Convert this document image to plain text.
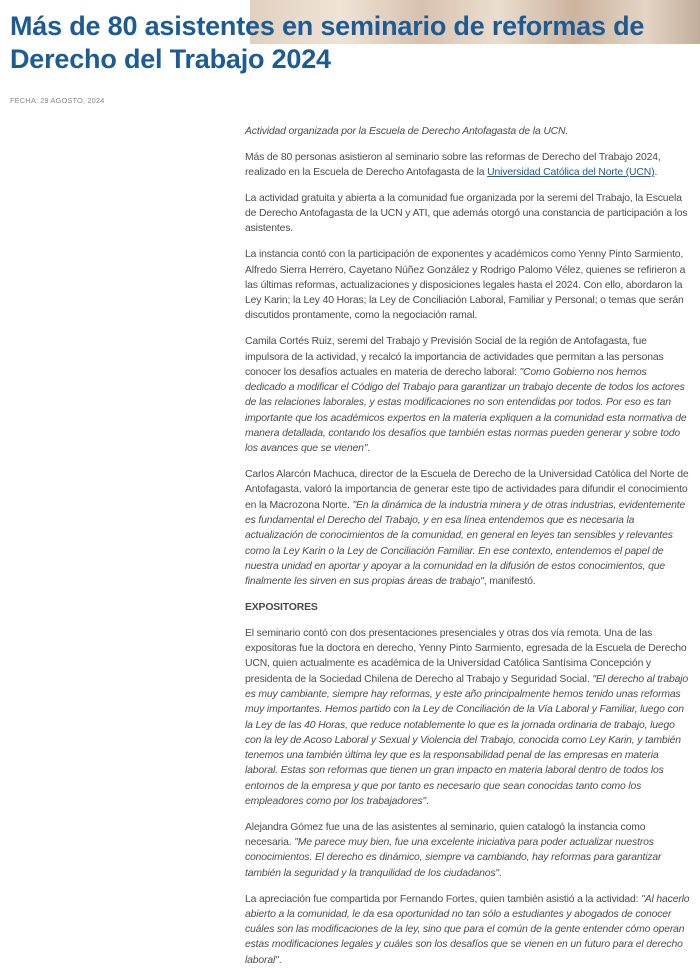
Más de 80 asistentes en seminario de reformas de Derecho del Trabajo 2024
FECHA: 29 AGOSTO, 2024

Actividad organizada por la Escuela de Derecho Antofagasta de la UCN.

Más de 80 personas asistieron al seminario sobre las reformas de Derecho del Trabajo 2024, realizado en la Escuela de Derecho Antofagasta de la Universidad Católica del Norte (UCN).

La actividad gratuita y abierta a la comunidad fue organizada por la seremi del Trabajo, la Escuela de Derecho Antofagasta de la UCN y ATI, que además otorgó una constancia de participación a los asistentes.

La instancia contó con la participación de exponentes y académicos como Yenny Pinto Sarmiento, Alfredo Sierra Herrero, Cayetano Núñez González y Rodrigo Palomo Vélez, quienes se refirieron a las últimas reformas, actualizaciones y disposiciones legales hasta el 2024. Con ello, abordaron la Ley Karin; la Ley 40 Horas; la Ley de Conciliación Laboral, Familiar y Personal; o temas que serán discutidos prontamente, como la negociación ramal.

Camila Cortés Ruiz, seremi del Trabajo y Previsión Social de la región de Antofagasta, fue impulsora de la actividad, y recalcó la importancia de actividades que permitan a las personas conocer los desafíos actuales en materia de derecho laboral: "Como Gobierno nos hemos dedicado a modificar el Código del Trabajo para garantizar un trabajo decente de todos los actores de las relaciones laborales, y estas modificaciones no son entendidas por todos. Por eso es tan importante que los académicos expertos en la materia expliquen a la comunidad esta normativa de manera detallada, contando los desafíos que también estas normas pueden generar y sobre todo los avances que se vienen".

Carlos Alarcón Machuca, director de la Escuela de Derecho de la Universidad Católica del Norte de Antofagasta, valoró la importancia de generar este tipo de actividades para difundir el conocimiento en la Macrozona Norte. "En la dinámica de la industria minera y de otras industrias, evidentemente es fundamental el Derecho del Trabajo, y en esa línea entendemos que es necesaria la actualización de conocimientos de la comunidad, en general en leyes tan sensibles y relevantes como la Ley Karin o la Ley de Conciliación Familiar. En ese contexto, entendemos el papel de nuestra unidad en aportar y apoyar a la comunidad en la difusión de estos conocimientos, que finalmente les sirven en sus propias áreas de trabajo", manifestó.

EXPOSITORES

El seminario contó con dos presentaciones presenciales y otras dos vía remota. Una de las expositoras fue la doctora en derecho, Yenny Pinto Sarmiento, egresada de la Escuela de Derecho UCN, quien actualmente es académica de la Universidad Católica Santísima Concepción y presidenta de la Sociedad Chilena de Derecho al Trabajo y Seguridad Social. "El derecho al trabajo es muy cambiante, siempre hay reformas, y este año principalmente hemos tenido unas reformas muy importantes. Hemos partido con la Ley de Conciliación de la Vía Laboral y Familiar, luego con la Ley de las 40 Horas, que reduce notablemente lo que es la jornada ordinaria de trabajo, luego con la ley de Acoso Laboral y Sexual y Violencia del Trabajo, conocida como Ley Karin, y también tenemos una también última ley que es la responsabilidad penal de las empresas en materia laboral. Estas son reformas que tienen un gran impacto en materia laboral dentro de todos los entornos de la empresa y que por tanto es necesario que sean conocidas tanto como los empleadores como por los trabajadores".

Alejandra Gómez fue una de las asistentes al seminario, quien catalogó la instancia como necesaria. "Me parece muy bien, fue una excelente iniciativa para poder actualizar nuestros conocimientos. El derecho es dinámico, siempre va cambiando, hay reformas para garantizar también la seguridad y la tranquilidad de los ciudadanos".

La apreciación fue compartida por Fernando Fortes, quien también asistió a la actividad: "Al hacerlo abierto a la comunidad, le da esa oportunidad no tan sólo a estudiantes y abogados de conocer cuáles son las modificaciones de la ley, sino que para el común de la gente entender cómo operan estas modificaciones legales y cuáles son los desafíos que se vienen en un futuro para el derecho laboral".
